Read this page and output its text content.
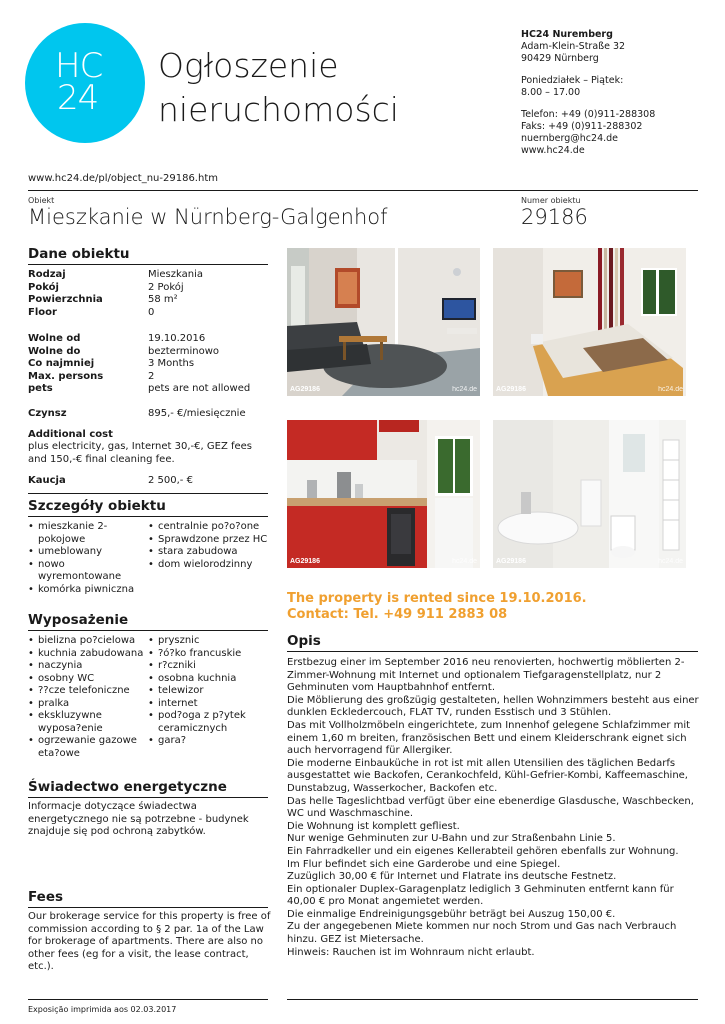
HC
24
Ogłoszenie nieruchomości
HC24 Nuremberg
Adam-Klein-Straße 32
90429 Nürnberg
Poniedziałek – Piątek:
8.00 – 17.00
Telefon: +49 (0)911-288308
Faks: +49 (0)911-288302
nuernberg@hc24.de
www.hc24.de
www.hc24.de/pl/object_nu-29186.htm
Obiekt
Mieszkanie w Nürnberg-Galgenhof
Numer obiektu
29186
Dane obiektu
Rodzaj	Mieszkania
Pokój	2 Pokój
Powierzchnia	58 m²
Floor	0
Wolne od	19.10.2016
Wolne do	bezterminowo
Co najmniej	3 Months
Max. persons	2
pets	pets are not allowed
Czynsz	895,- €/miesięcznie
Additional cost
plus electricity, gas, Internet 30,-€, GEZ fees and 150,-€ final cleaning fee.
Kaucja	2 500,- €
Szczegóły obiektu
• mieszkanie 2-pokojowe
• umeblowany
• nowo wyremontowane
• komórka piwniczna
• centralnie po?o?one
• Sprawdzone przez HC
• stara zabudowa
• dom wielorodzinny
Wyposażenie
• bielizna po?cielowa
• kuchnia zabudowana
• naczynia
• osobny WC
• ??cze telefoniczne
• pralka
• ekskluzywne wyposa?enie
• ogrzewanie gazowe eta?owe
• prysznic
• ?ó?ko francuskie
• r?czniki
• osobna kuchnia
• telewizor
• internet
• pod?oga z p?ytek ceramicznych
• gara?
Świadectwo energetyczne
Informacje dotyczące świadectwa energetycznego nie są potrzebne - budynek znajduje się pod ochroną zabytków.
Fees
Our brokerage service for this property is free of commission according to § 2 par. 1a of the Law for brokerage of apartments. There are also no other fees (eg for a visit, the lease contract, etc.).
AG29186	hc24.de	AG29186	hc24.de
AG29186	hc24.de	AG29186	hc24.de
The property is rented since 19.10.2016.
Contact: Tel. +49 911 2883 08
Opis

Erstbezug einer im September 2016 neu renovierten, hochwertig möblierten 2-Zimmer-Wohnung mit Internet und optionalem Tiefgaragenstellplatz, nur 2 Gehminuten vom Hauptbahnhof entfernt.

Die Möblierung des großzügig gestalteten, hellen Wohnzimmers besteht aus einer dunklen Eckledercouch, FLAT TV, runden Esstisch und 3 Stühlen.

Das mit Vollholzmöbeln eingerichtete, zum Innenhof gelegene Schlafzimmer mit einem 1,60 m breiten, französischen Bett und einem Kleiderschrank eignet sich auch hervorragend für Allergiker.

Die moderne Einbauküche in rot ist mit allen Utensilien des täglichen Bedarfs ausgestattet wie Backofen, Cerankochfeld, Kühl-Gefrier-Kombi, Kaffeemaschine, Dunstabzug, Wasserkocher, Backofen etc.

Das helle Tageslichtbad verfügt über eine ebenerdige Glasdusche, Waschbecken, WC und Waschmaschine.

Die Wohnung ist komplett gefliest.

Nur wenige Gehminuten zur U-Bahn und zur Straßenbahn Linie 5.

Ein Fahrradkeller und ein eigenes Kellerabteil gehören ebenfalls zur Wohnung.

Im Flur befindet sich eine Garderobe und eine Spiegel.

Zuzüglich 30,00 € für Internet und Flatrate ins deutsche Festnetz.

Ein optionaler Duplex-Garagenplatz lediglich 3 Gehminuten entfernt kann für 40,00 € pro Monat angemietet werden.

Die einmalige Endreinigungsgebühr beträgt bei Auszug 150,00 €.

Zu der angegebenen Miete kommen nur noch Strom und Gas nach Verbrauch hinzu. GEZ ist Mietersache.

Hinweis: Rauchen ist im Wohnraum nicht erlaubt.

Exposição imprimida aos 02.03.2017
